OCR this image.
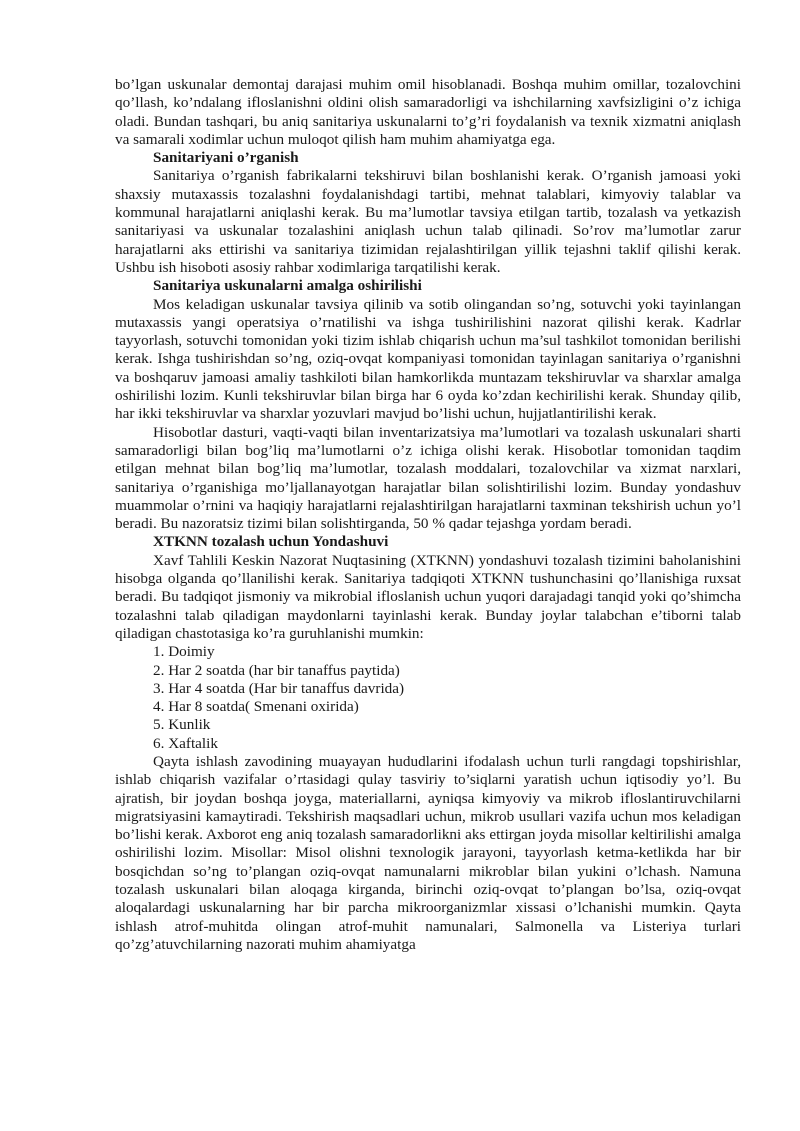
bo’lgan uskunalar demontaj darajasi muhim omil hisoblanadi. Boshqa muhim omillar, tozalovchini qo’llash, ko’ndalang ifloslanishni oldini olish samaradorligi va ishchilarning xavfsizligini o’z ichiga oladi. Bundan tashqari, bu aniq sanitariya uskunalarni to’g’ri foydalanish va texnik xizmatni aniqlash va samarali xodimlar uchun muloqot qilish ham muhim ahamiyatga ega.

Sanitariyani o’rganish

Sanitariya o’rganish fabrikalarni tekshiruvi bilan boshlanishi kerak. O’rganish jamoasi yoki shaxsiy mutaxassis tozalashni foydalanishdagi tartibi, mehnat talablari, kimyoviy talablar va kommunal harajatlarni aniqlashi kerak. Bu ma’lumotlar tavsiya etilgan tartib, tozalash va yetkazish sanitariyasi va uskunalar tozalashini aniqlash uchun talab qilinadi. So’rov ma’lumotlar zarur harajatlarni aks ettirishi va sanitariya tizimidan rejalashtirilgan yillik tejashni taklif qilishi kerak. Ushbu ish hisoboti asosiy rahbar xodimlariga tarqatilishi kerak.

Sanitariya uskunalarni amalga oshirilishi

Mos keladigan uskunalar tavsiya qilinib va sotib olingandan so’ng, sotuvchi yoki tayinlangan mutaxassis yangi operatsiya o’rnatilishi va ishga tushirilishini nazorat qilishi kerak. Kadrlar tayyorlash, sotuvchi tomonidan yoki tizim ishlab chiqarish uchun ma’sul tashkilot tomonidan berilishi kerak. Ishga tushirishdan so’ng, oziq-ovqat kompaniyasi tomonidan tayinlagan sanitariya o’rganishni va boshqaruv jamoasi amaliy tashkiloti bilan hamkorlikda muntazam tekshiruvlar va sharxlar amalga oshirilishi lozim. Kunli tekshiruvlar bilan birga har 6 oyda ko’zdan kechirilishi kerak. Shunday qilib, har ikki tekshiruvlar va sharxlar yozuvlari mavjud bo’lishi uchun, hujjatlantirilishi kerak.

Hisobotlar dasturi, vaqti-vaqti bilan inventarizatsiya ma’lumotlari va tozalash uskunalari sharti samaradorligi bilan bog’liq ma’lumotlarni o’z ichiga olishi kerak. Hisobotlar tomonidan taqdim etilgan mehnat bilan bog’liq ma’lumotlar, tozalash moddalari, tozalovchilar va xizmat narxlari, sanitariya o’rganishiga mo’ljallanayotgan harajatlar bilan solishtirilishi lozim. Bunday yondashuv muammolar o’rnini va haqiqiy harajatlarni rejalashtirilgan harajatlarni taxminan tekshirish uchun yo’l beradi. Bu nazoratsiz tizimi bilan solishtirganda, 50 % qadar tejashga yordam beradi.

XTKNN tozalash uchun Yondashuvi

Xavf Tahlili Keskin Nazorat Nuqtasining (XTKNN) yondashuvi tozalash tizimini baholanishini hisobga olganda qo’llanilishi kerak. Sanitariya tadqiqoti XTKNN tushunchasini qo’llanishiga ruxsat beradi. Bu tadqiqot jismoniy va mikrobial ifloslanish uchun yuqori darajadagi tanqid yoki qo’shimcha tozalashni talab qiladigan maydonlarni tayinlashi kerak. Bunday joylar talabchan e’tiborni talab qiladigan chastotasiga ko’ra guruhlanishi mumkin:

1. Doimiy
2. Har 2 soatda (har bir tanaffus paytida)
3. Har 4 soatda (Har bir tanaffus davrida)
4. Har 8 soatda( Smenani oxirida)
5. Kunlik
6. Xaftalik

Qayta ishlash zavodining muayayan hududlarini ifodalash uchun turli rangdagi topshirishlar, ishlab chiqarish vazifalar o’rtasidagi qulay tasviriy to’siqlarni yaratish uchun iqtisodiy yo’l. Bu ajratish, bir joydan boshqa joyga, materiallarni, ayniqsa kimyoviy va mikrob ifloslantiruvchilarni migratsiyasini kamaytiradi. Tekshirish maqsadlari uchun, mikrob usullari vazifa uchun mos keladigan bo’lishi kerak. Axborot eng aniq tozalash samaradorlikni aks ettirgan joyda misollar keltirilishi amalga oshirilishi lozim. Misollar: Misol olishni texnologik jarayoni, tayyorlash ketma-ketlikda har bir bosqichdan so’ng to’plangan oziq-ovqat namunalarni mikroblar bilan yukini o’lchash. Namuna tozalash uskunalari bilan aloqaga kirganda, birinchi oziq-ovqat to’plangan bo’lsa, oziq-ovqat aloqalardagi uskunalarning har bir parcha mikroorganizmlar xissasi o’lchanishi mumkin. Qayta ishlash atrof-muhitda olingan atrof-muhit namunalari, Salmonella va Listeriya turlari qo’zg’atuvchilarning nazorati muhim ahamiyatga
